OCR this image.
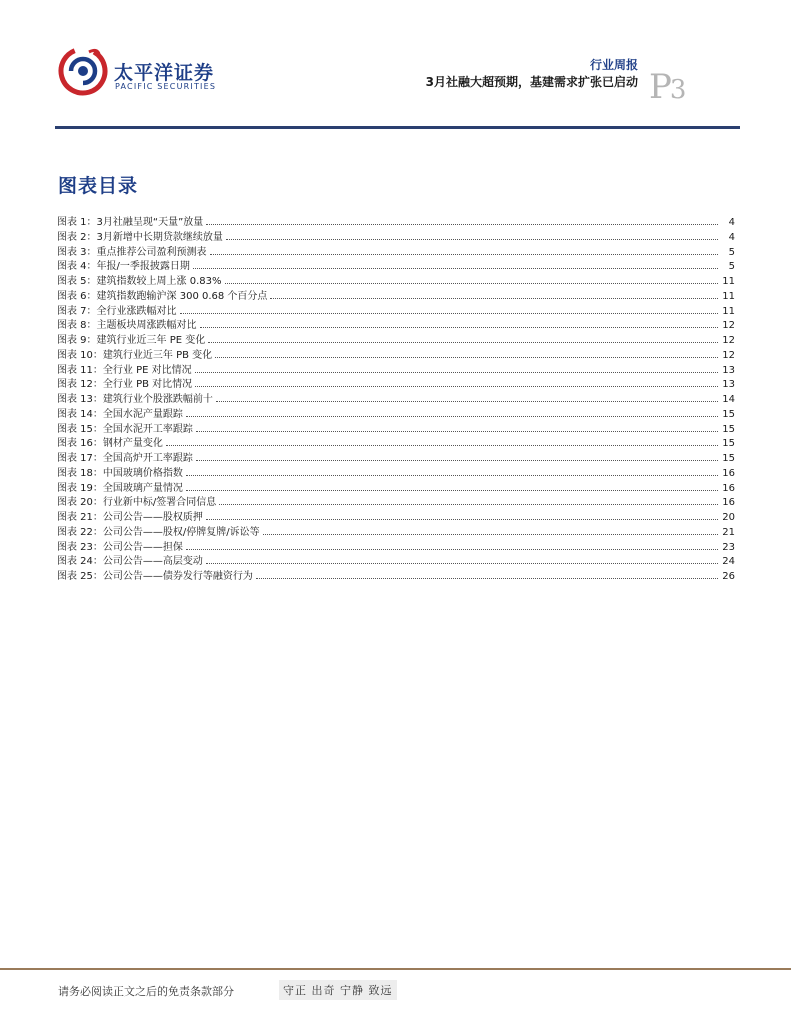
太平洋证券
PACIFIC SECURITIES
行业周报
3月社融大超预期，基建需求扩张已启动 P3
图表目录
图表 1：3月社融呈现“天量”放量	4
图表 2：3月新增中长期贷款继续放量	4
图表 3：重点推荐公司盈利预测表	5
图表 4：年报/一季报披露日期	5
图表 5：建筑指数较上周上涨 0.83%	11
图表 6：建筑指数跑输沪深 300 0.68 个百分点	11
图表 7：全行业涨跌幅对比	11
图表 8：主题板块周涨跌幅对比	12
图表 9：建筑行业近三年 PE 变化	12
图表 10：建筑行业近三年 PB 变化	12
图表 11：全行业 PE 对比情况	13
图表 12：全行业 PB 对比情况	13
图表 13：建筑行业个股涨跌幅前十	14
图表 14：全国水泥产量跟踪	15
图表 15：全国水泥开工率跟踪	15
图表 16：钢材产量变化	15
图表 17：全国高炉开工率跟踪	15
图表 18：中国玻璃价格指数	16
图表 19：全国玻璃产量情况	16
图表 20：行业新中标/签署合同信息	16
图表 21：公司公告——股权质押	20
图表 22：公司公告——股权/停牌复牌/诉讼等	21
图表 23：公司公告——担保	23
图表 24：公司公告——高层变动	24
图表 25：公司公告——债券发行等融资行为	26
请务必阅读正文之后的免责条款部分	守正 出奇 宁静 致远
